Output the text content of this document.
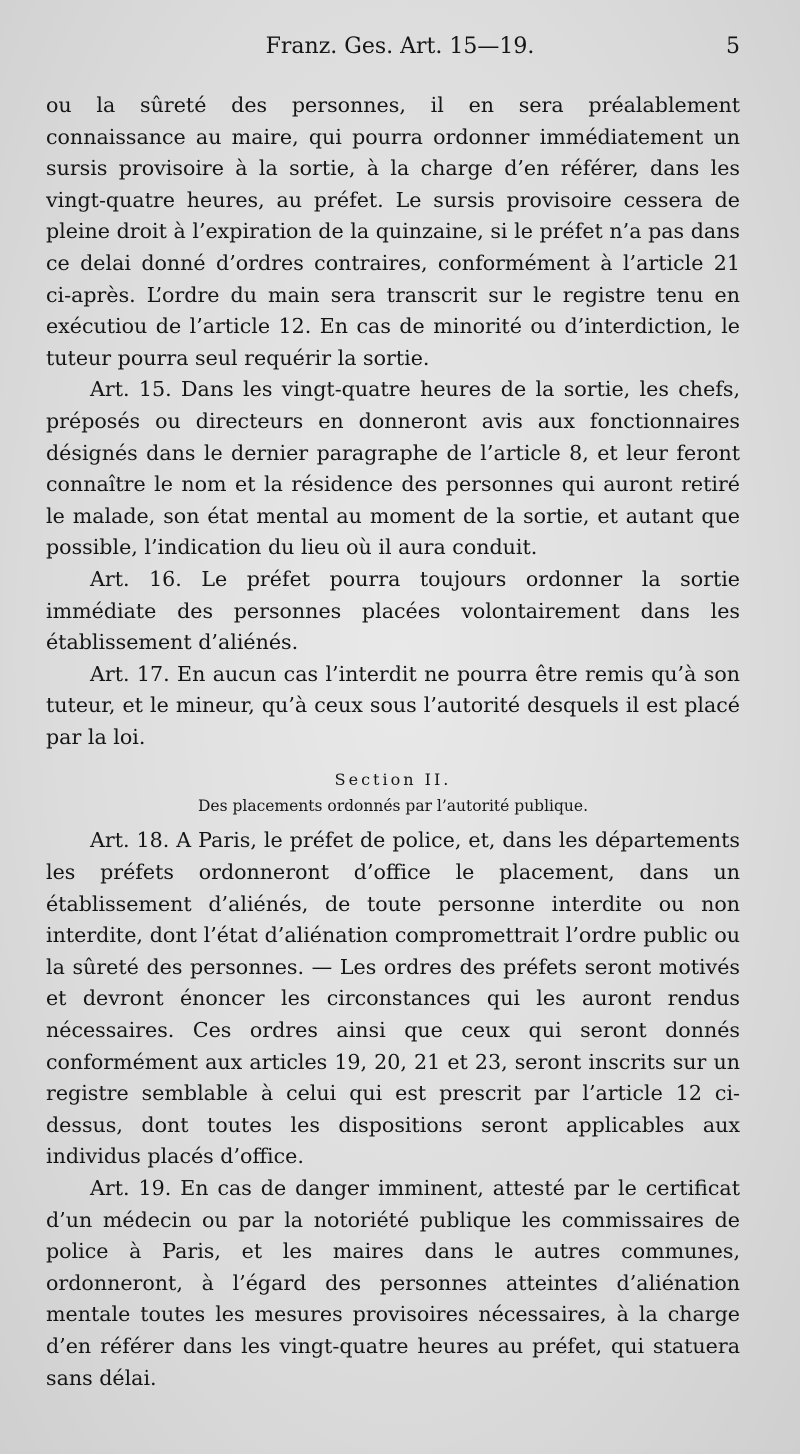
Franz. Ges. Art. 15—19.	5

ou la sûreté des personnes, il en sera préalablement connaissance au maire, qui pourra ordonner immédiatement un sursis provisoire à la sortie, à la charge d’en référer, dans les vingt-quatre heures, au préfet. Le sursis provisoire cessera de pleine droit à l’expiration de la quinzaine, si le préfet n’a pas dans ce delai donné d’ordres contraires, conformément à l’article 21 ci-après. L’ordre du main sera transcrit sur le registre tenu en exécutiou de l’article 12. En cas de minorité ou d’interdiction, le tuteur pourra seul requérir la sortie.

Art. 15. Dans les vingt-quatre heures de la sortie, les chefs, préposés ou directeurs en donneront avis aux fonctionnaires désignés dans le dernier paragraphe de l’article 8, et leur feront connaître le nom et la résidence des personnes qui auront retiré le malade, son état mental au moment de la sortie, et autant que possible, l’indication du lieu où il aura conduit.

Art. 16. Le préfet pourra toujours ordonner la sortie immédiate des personnes placées volontairement dans les établissement d’aliénés.

Art. 17. En aucun cas l’interdit ne pourra être remis qu’à son tuteur, et le mineur, qu’à ceux sous l’autorité desquels il est placé par la loi.

Section II.
Des placements ordonnés par l’autorité publique.

Art. 18. A Paris, le préfet de police, et, dans les départements les préfets ordonneront d’office le placement, dans un établissement d’aliénés, de toute personne interdite ou non interdite, dont l’état d’aliénation compromettrait l’ordre public ou la sûreté des personnes. — Les ordres des préfets seront motivés et devront énoncer les circonstances qui les auront rendus nécessaires. Ces ordres ainsi que ceux qui seront donnés conformément aux articles 19, 20, 21 et 23, seront inscrits sur un registre semblable à celui qui est prescrit par l’article 12 ci-dessus, dont toutes les dispositions seront applicables aux individus placés d’office.

Art. 19. En cas de danger imminent, attesté par le certificat d’un médecin ou par la notoriété publique les commissaires de police à Paris, et les maires dans le autres communes, ordonneront, à l’égard des personnes atteintes d’aliénation mentale toutes les mesures provisoires nécessaires, à la charge d’en référer dans les vingt-quatre heures au préfet, qui statuera sans délai.
